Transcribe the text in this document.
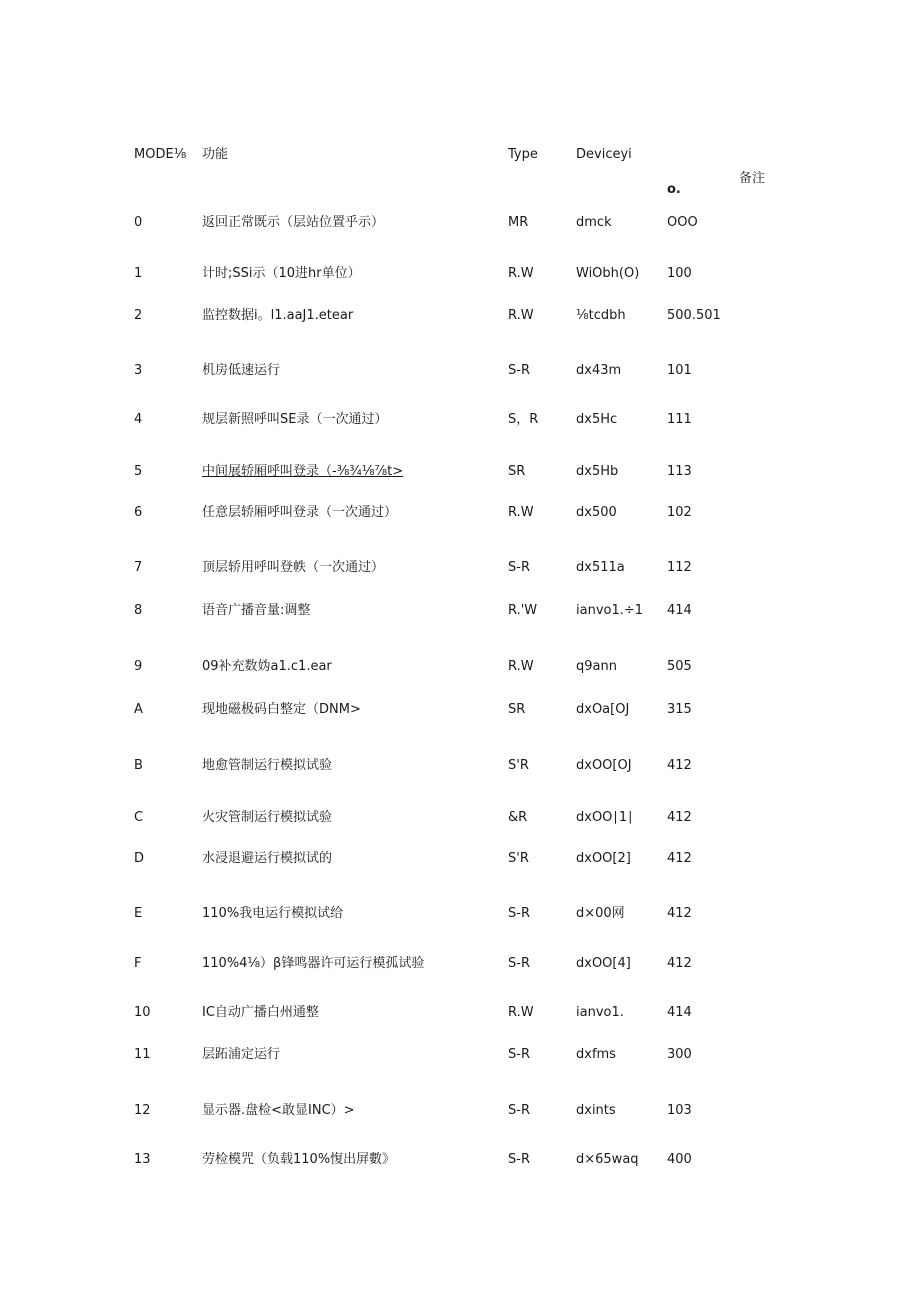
MODE⅛ 功能	Type	Deviceyi
o.
备注
0	返回正常既示（层站位置乎示）	MR	dmck	OOO
1	计时;SSi示（10进hr单位）	R.W	WiObh(O) 100
2	监控数据i。l1.aaJ1.etear	R.W	⅛tcdbh	500.501
3	机房低速运行	S-R	dx43m	101
4	规层新照呼叫SE录（一次通过）	S，R	dx5Hc	111
5	中间展轿厢呼叫登录（-⅜¾⅛⅞t>	SR	dx5Hb	113
6	任意层轿厢呼叫登录（一次通过）	R.W	dx500	102
7	顶层轿用呼叫登帙（一次通过）	S-R	dx511a	112
8	语音广播音量:调整	R.'W	ianvo1.÷1 414
9	09补充数妫a1.c1.ear	R.W	q9ann	505
A	现地磁极码白整定（DNM>	SR	dxOa[OJ	315
B	地愈管制运行模拟试验	S'R	dxOO[OJ	412
C	火灾管制运行模拟试验	&R	dxOO∣1∣	412
D	水浸退避运行模拟试的	S'R	dxOO[2]	412
E	110%我电运行模拟试给	S-R	d×00网	412
F	110%4⅛）β锋鸣器许可运行模孤试验	S-R	dxOO[4]	412
10	IC自动广播白州通整	R.W	ianvo1.	414
11	层跖浦定运行	S-R	dxfms	300
12	显示器.盘检<敢显INC）>	S-R	dxints	103
13	劳检模咒（负载110%愎出屏數》	S-R	d×65waq 400
